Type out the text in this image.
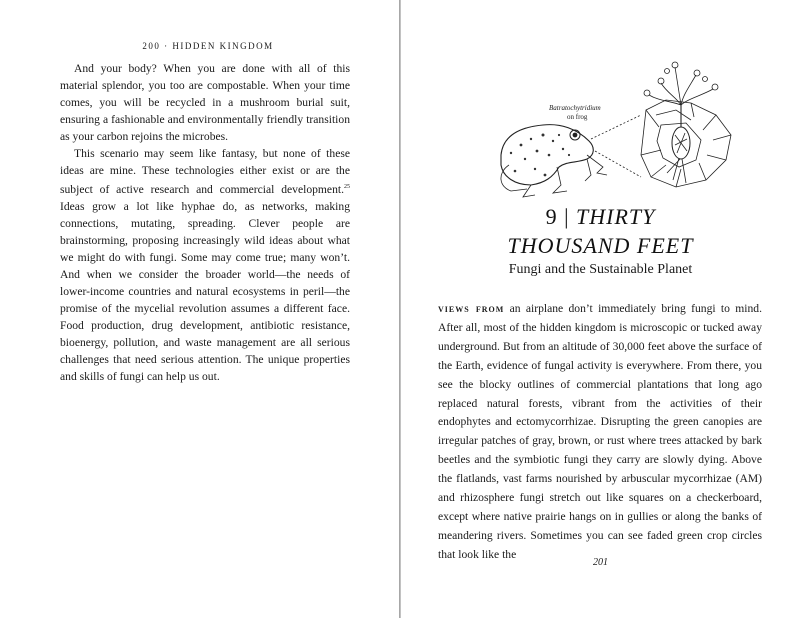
200 · HIDDEN KINGDOM

And your body? When you are done with all of this material splendor, you too are compostable. When your time comes, you will be recycled in a mushroom burial suit, ensuring a fashionable and environmentally friendly transition as your carbon rejoins the microbes.

This scenario may seem like fantasy, but none of these ideas are mine. These technologies either exist or are the subject of active research and commercial development.$^{25}$ Ideas grow a lot like hyphae do, as networks, making connections, mutating, spreading. Clever people are brainstorming, proposing increasingly wild ideas about what we might do with fungi. Some may come true; many won’t. And when we consider the broader world—the needs of lower-income countries and natural ecosystems in peril—the promise of the mycelial revolution assumes a different face. Food production, drug development, antibiotic resistance, bioenergy, pollution, and waste management are all serious challenges that need serious attention. The unique properties and skills of fungi can help us out.

Batratochytridium
on frog
9 | THIRTY
THOUSAND FEET
Fungi and the Sustainable Planet

views from an airplane don’t immediately bring fungi to mind. After all, most of the hidden kingdom is microscopic or tucked away underground. But from an altitude of 30,000 feet above the surface of the Earth, evidence of fungal activity is everywhere. From there, you see the blocky outlines of commercial plantations that long ago replaced natural forests, vibrant from the activities of their endophytes and ectomycorrhizae. Disrupting the green canopies are irregular patches of gray, brown, or rust where trees attacked by bark beetles and the symbiotic fungi they carry are slowly dying. Above the flatlands, vast farms nourished by arbuscular mycorrhizae (AM) and rhizosphere fungi stretch out like squares on a checkerboard, except where native prairie hangs on in gullies or along the banks of meandering rivers. Sometimes you can see faded green crop circles that look like the

201
